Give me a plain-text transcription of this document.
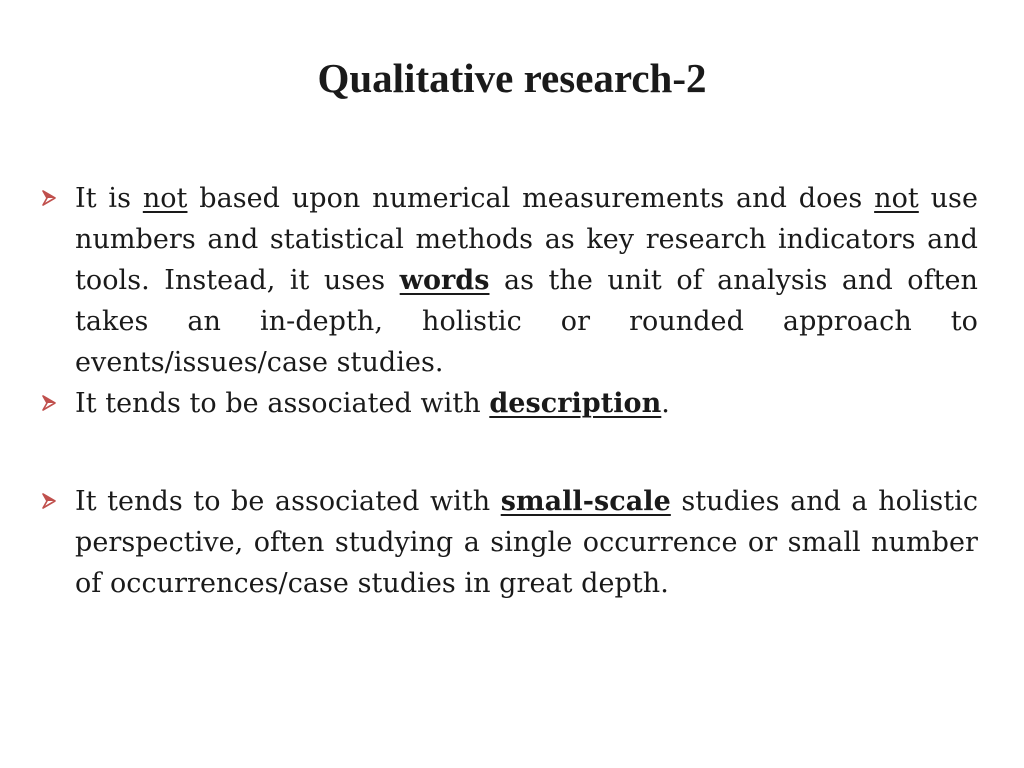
Qualitative research-2
It is not based upon numerical measurements and does not use numbers and statistical methods as key research indicators and tools. Instead, it uses words as the unit of analysis and often takes an in-depth, holistic or rounded approach to events/issues/case studies.
It tends to be associated with description.
It tends to be associated with small-scale studies and a holistic perspective, often studying a single occurrence or small number of occurrences/case studies in great depth.
